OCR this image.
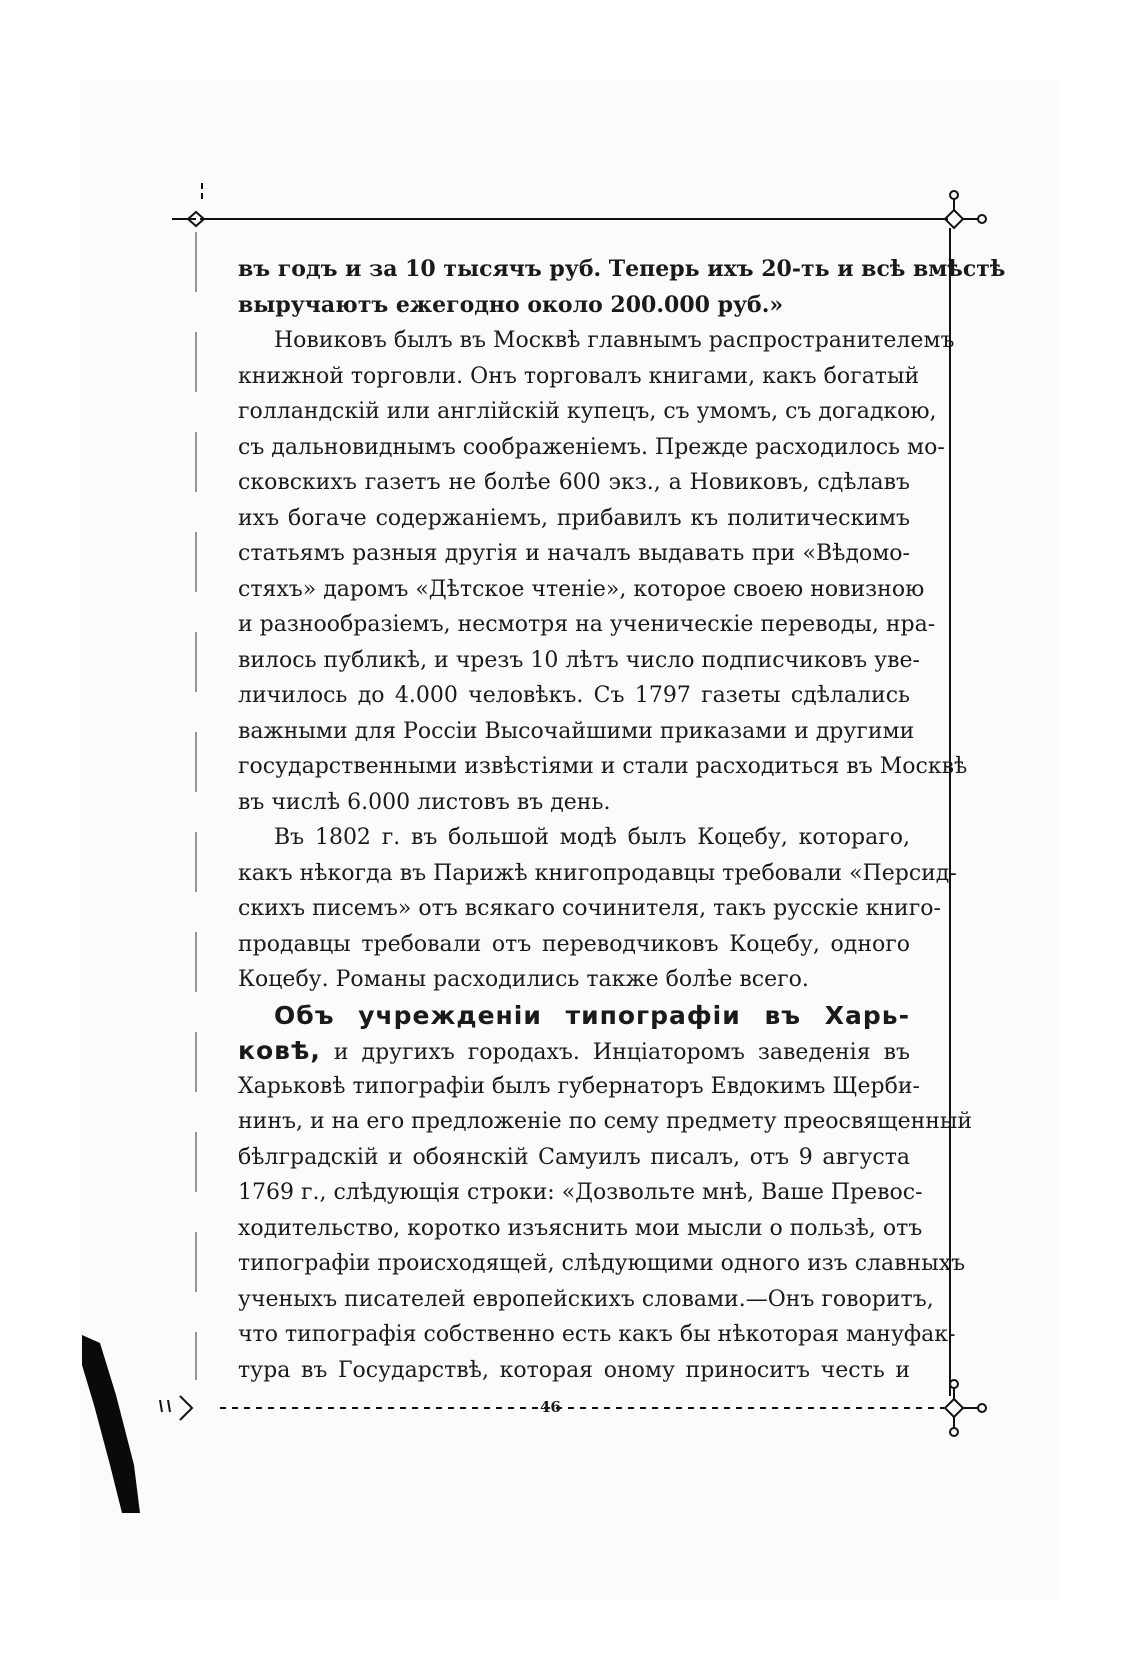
въ годъ и за 10 тысячъ руб. Теперь ихъ 20-ть и всѣ вмѣстѣ
выручаютъ ежегодно около 200.000 руб.»
Новиковъ былъ въ Москвѣ главнымъ распространителемъ
книжной торговли. Онъ торговалъ книгами, какъ богатый
голландскій или англійскій купецъ, съ умомъ, съ догадкою,
съ дальновиднымъ соображеніемъ. Прежде расходилось мо-
сковскихъ газетъ не болѣе 600 экз., а Новиковъ, сдѣлавъ
ихъ богаче содержаніемъ, прибавилъ къ политическимъ
статьямъ разныя другія и началъ выдавать при «Вѣдомо-
стяхъ» даромъ «Дѣтское чтеніе», которое своею новизною
и разнообразіемъ, несмотря на ученическіе переводы, нра-
вилось публикѣ, и чрезъ 10 лѣтъ число подписчиковъ уве-
личилось до 4.000 человѣкъ. Съ 1797 газеты сдѣлались
важными для Россіи Высочайшими приказами и другими
государственными извѣстіями и стали расходиться въ Москвѣ
въ числѣ 6.000 листовъ въ день.
Въ 1802 г. въ большой модѣ былъ Коцебу, котораго,
какъ нѣкогда въ Парижѣ книгопродавцы требовали «Персид-
скихъ писемъ» отъ всякаго сочинителя, такъ русскіе книго-
продавцы требовали отъ переводчиковъ Коцебу, одного
Коцебу. Романы расходились также болѣе всего.
Объ учрежденіи типографіи въ Харь-
ковѣ, и другихъ городахъ. Инціаторомъ заведенія въ
Харьковѣ типографіи былъ губернаторъ Евдокимъ Щерби-
нинъ, и на его предложеніе по сему предмету преосвященный
бѣлградскій и обоянскій Самуилъ писалъ, отъ 9 августа
1769 г., слѣдующія строки: «Дозвольте мнѣ, Ваше Превос-
ходительство, коротко изъяснить мои мысли о пользѣ, отъ
типографіи происходящей, слѣдующими одного изъ славныхъ
ученыхъ писателей европейскихъ словами.—Онъ говоритъ,
что типографія собственно есть какъ бы нѣкоторая мануфак-
тура въ Государствѣ, которая оному приноситъ честь и
46
